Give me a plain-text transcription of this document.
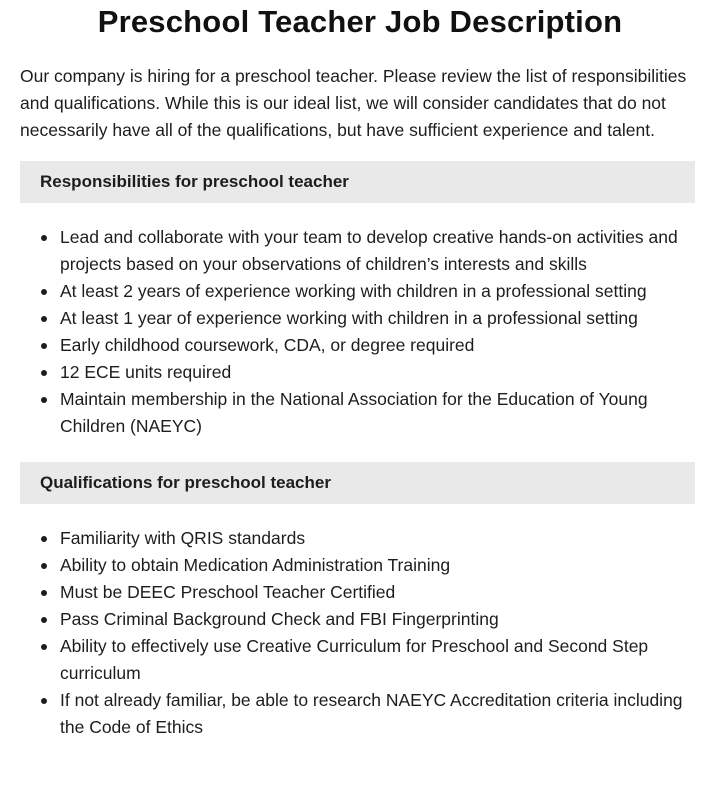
Preschool Teacher Job Description

Our company is hiring for a preschool teacher. Please review the list of responsibilities and qualifications. While this is our ideal list, we will consider candidates that do not necessarily have all of the qualifications, but have sufficient experience and talent.

Responsibilities for preschool teacher
Lead and collaborate with your team to develop creative hands-on activities and projects based on your observations of children’s interests and skills
At least 2 years of experience working with children in a professional setting
At least 1 year of experience working with children in a professional setting
Early childhood coursework, CDA, or degree required
12 ECE units required
Maintain membership in the National Association for the Education of Young Children (NAEYC)
Qualifications for preschool teacher
Familiarity with QRIS standards
Ability to obtain Medication Administration Training
Must be DEEC Preschool Teacher Certified
Pass Criminal Background Check and FBI Fingerprinting
Ability to effectively use Creative Curriculum for Preschool and Second Step curriculum
If not already familiar, be able to research NAEYC Accreditation criteria including the Code of Ethics
